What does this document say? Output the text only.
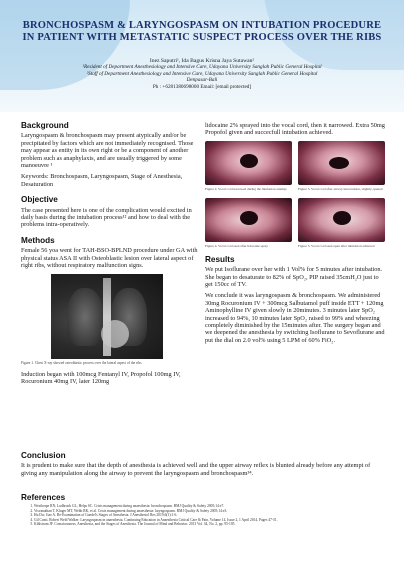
BRONCHOSPASM & LARYNGOSPASM ON INTUBATION PROCEDURE IN PATIENT WITH METASTATIC SUSPECT PROCESS OVER THE RIBS
Inez Saputri¹, Ida Bagus Krisna Jaya Sutawan²
¹Resident of Department Anesthesiology and Intensive Care, Udayana University Sanglah Public General Hospital
²Staff of Department Anesthesiology and Intensive Care, Udayana University Sanglah Public General Hospital
Denpasar-Bali
Ph : +6281380698000 Email: [email protected]
Background

Laryngospasm & bronchospasm may present atypically and/or be precipitated by factors which are not immediately recognised. Those may appear as entity in its own right or be a component of another problem such as anaphylaxis, and are usually triggered by some manoeuvre ¹

Keywords: Bronchospasm, Laryngospasm, Stage of Anesthesia, Desaturation

Objective

The case presented here is one of the complication would excited in daily basis during the intubation process¹² and how to deal with the problems intra-operatively.

Methods

Female 56 yoa went for TAH-BSO-BPLND procedure under GA with physical status ASA II with Osteoblastic lesion over lateral aspect of right ribs, without respiratory malfunction signs.

Figure 1. Chest X-ray showed osteoblastic process over the lateral aspect of the ribs

Induction began with 100mcg Fentanyl IV, Propofol 100mg IV, Rocuronium 40mg IV, later 120mg

lidocaine 2% sprayed into the vocal cord, then it narrowed. Extra 50mg Propofol given and succecfull intubation achieved.

Figure 2. Vocal cord narrowed during the intubation attempt	Figure 3. Vocal cord after airway intervention, slightly opened
Figure 4. Vocal cord seen after lidocaine spray	Figure 5. Vocal cord seen open after intubation achieved
Results

We put Isoflurane over her with 1 Vol% for 5 minutes after intubation. She began to desaturate to 82% of SpO₂, PIP raised 35cmH₂O just to get 150cc of TV.

We conclude it was laryngospasm & bronchospasm. We administered 30mg Rocuronium IV + 300mcg Salbutamol puff inside ETT + 120mg Aminophylline IV given slowly in 20minutes. 3 minutes later SpO₂ increased to 94%, 10 minutes later SpO₂ raised to 99% and wheezing completely diminished by the 15minutes after. The surgery began and we deepened the anesthesia by switching Isoflurane to Sevoflurane and put the dial on 2.0 vol% using 5 LPM of 60% FiO₂.

Conclusion

It is prudent to make sure that the depth of anesthesia is achieved well and the upper airway reflex is blunted already before any attempt of giving any manipulation along the airway to prevent the laryngospasm and bronchospasm³⁴.

References
1. Westhorpe RN, Ludbrook GL, Helps SC. Crisis management during anaesthesia: bronchospasm. BMJ Quality & Safety 2005;14:e7.
2. Visvanathan T, Kluger MT, Webb RK, et al. Crisis management during anaesthesia: laryngospasm. BMJ Quality & Safety 2005;14:e3.
3. Hu Dw, Jiao A. Re-Examination of Guedel's Stages of Anesthesia. J Anesthesiol Res 2019;6(1):1-6.
4. Gil Conti. Robert Weld Walker: Laryngospasm in anaesthesia. Continuing Education in Anaesthesia Critical Care & Pain, Volume 14, Issue 2, 1 April 2014, Pages 47-51.
5. Kihlstrom JF. Consciousness, Anesthesia, and the Stages of Anesthesia. The Journal of Mind and Behavior. 2013 Vol. 34, No. 2, pp. 95-105.
